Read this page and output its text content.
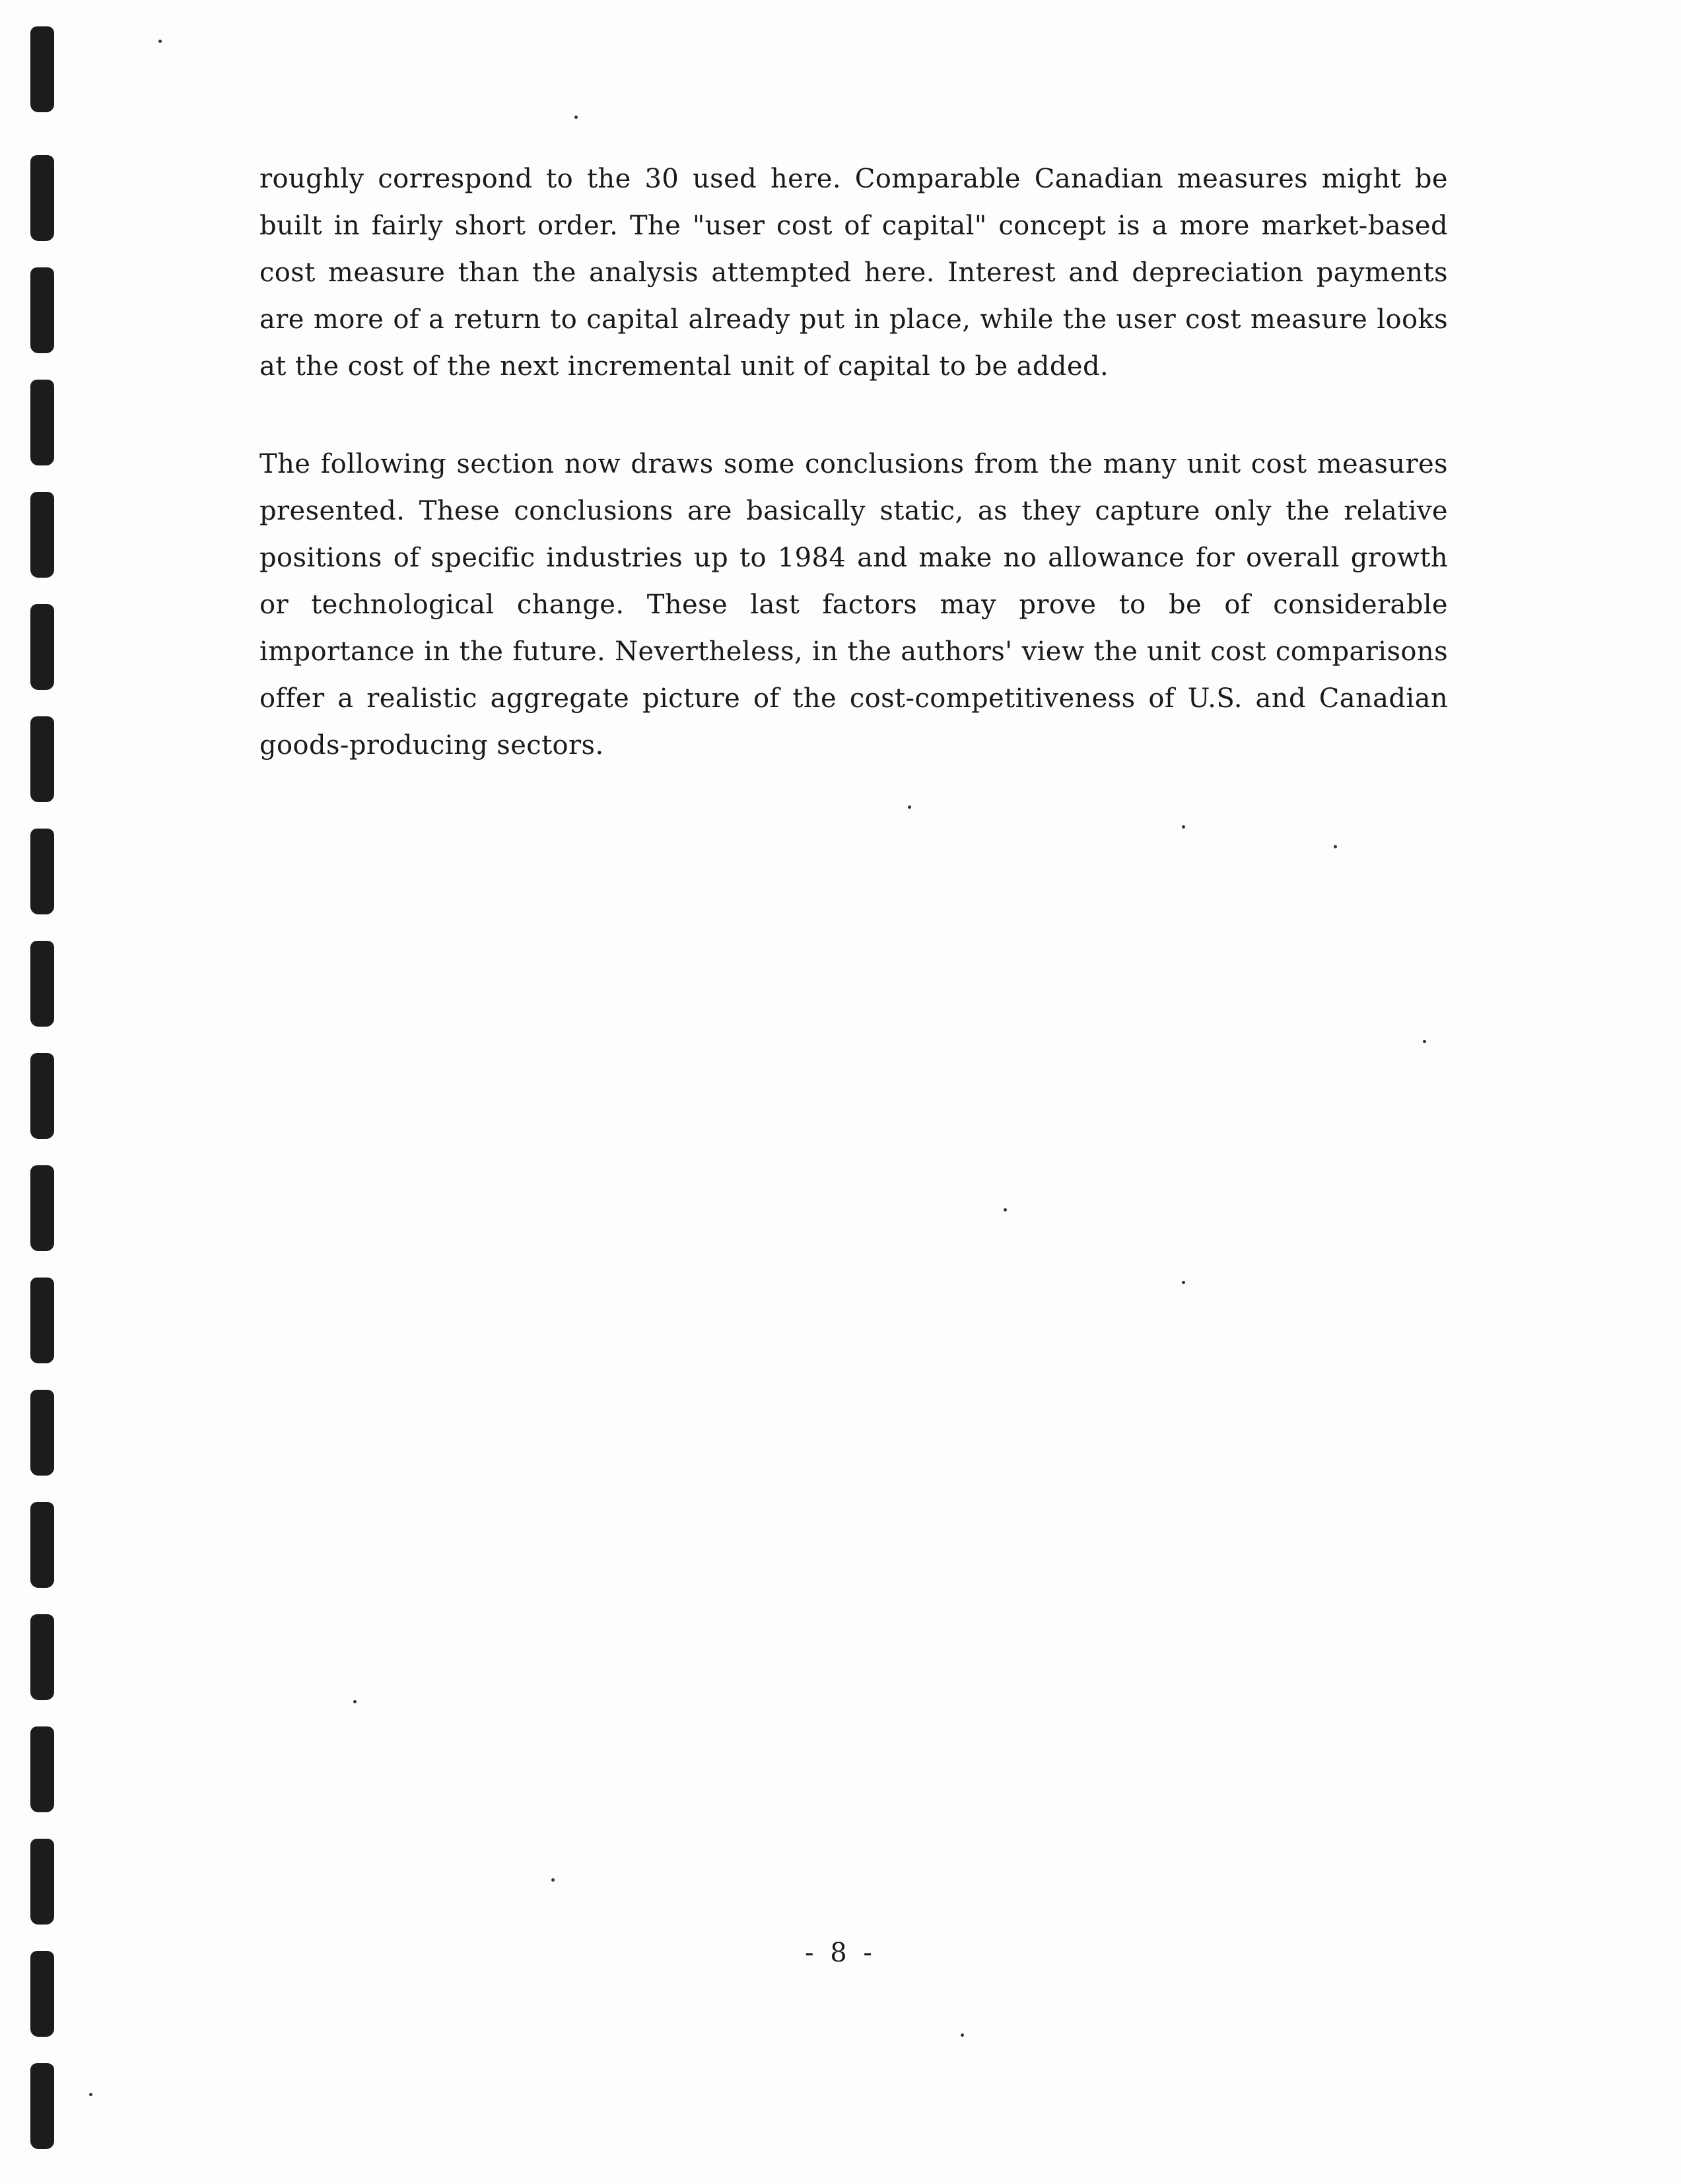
roughly correspond to the 30 used here. Comparable Canadian measures might be built in fairly short order. The "user cost of capital" concept is a more market-based cost measure than the analysis attempted here. Interest and depreciation payments are more of a return to capital already put in place, while the user cost measure looks at the cost of the next incremental unit of capital to be added.

The following section now draws some conclusions from the many unit cost measures presented. These conclusions are basically static, as they capture only the relative positions of specific industries up to 1984 and make no allowance for overall growth or technological change. These last factors may prove to be of considerable importance in the future. Nevertheless, in the authors' view the unit cost comparisons offer a realistic aggregate picture of the cost-competitiveness of U.S. and Canadian goods-producing sectors.

- 8 -
